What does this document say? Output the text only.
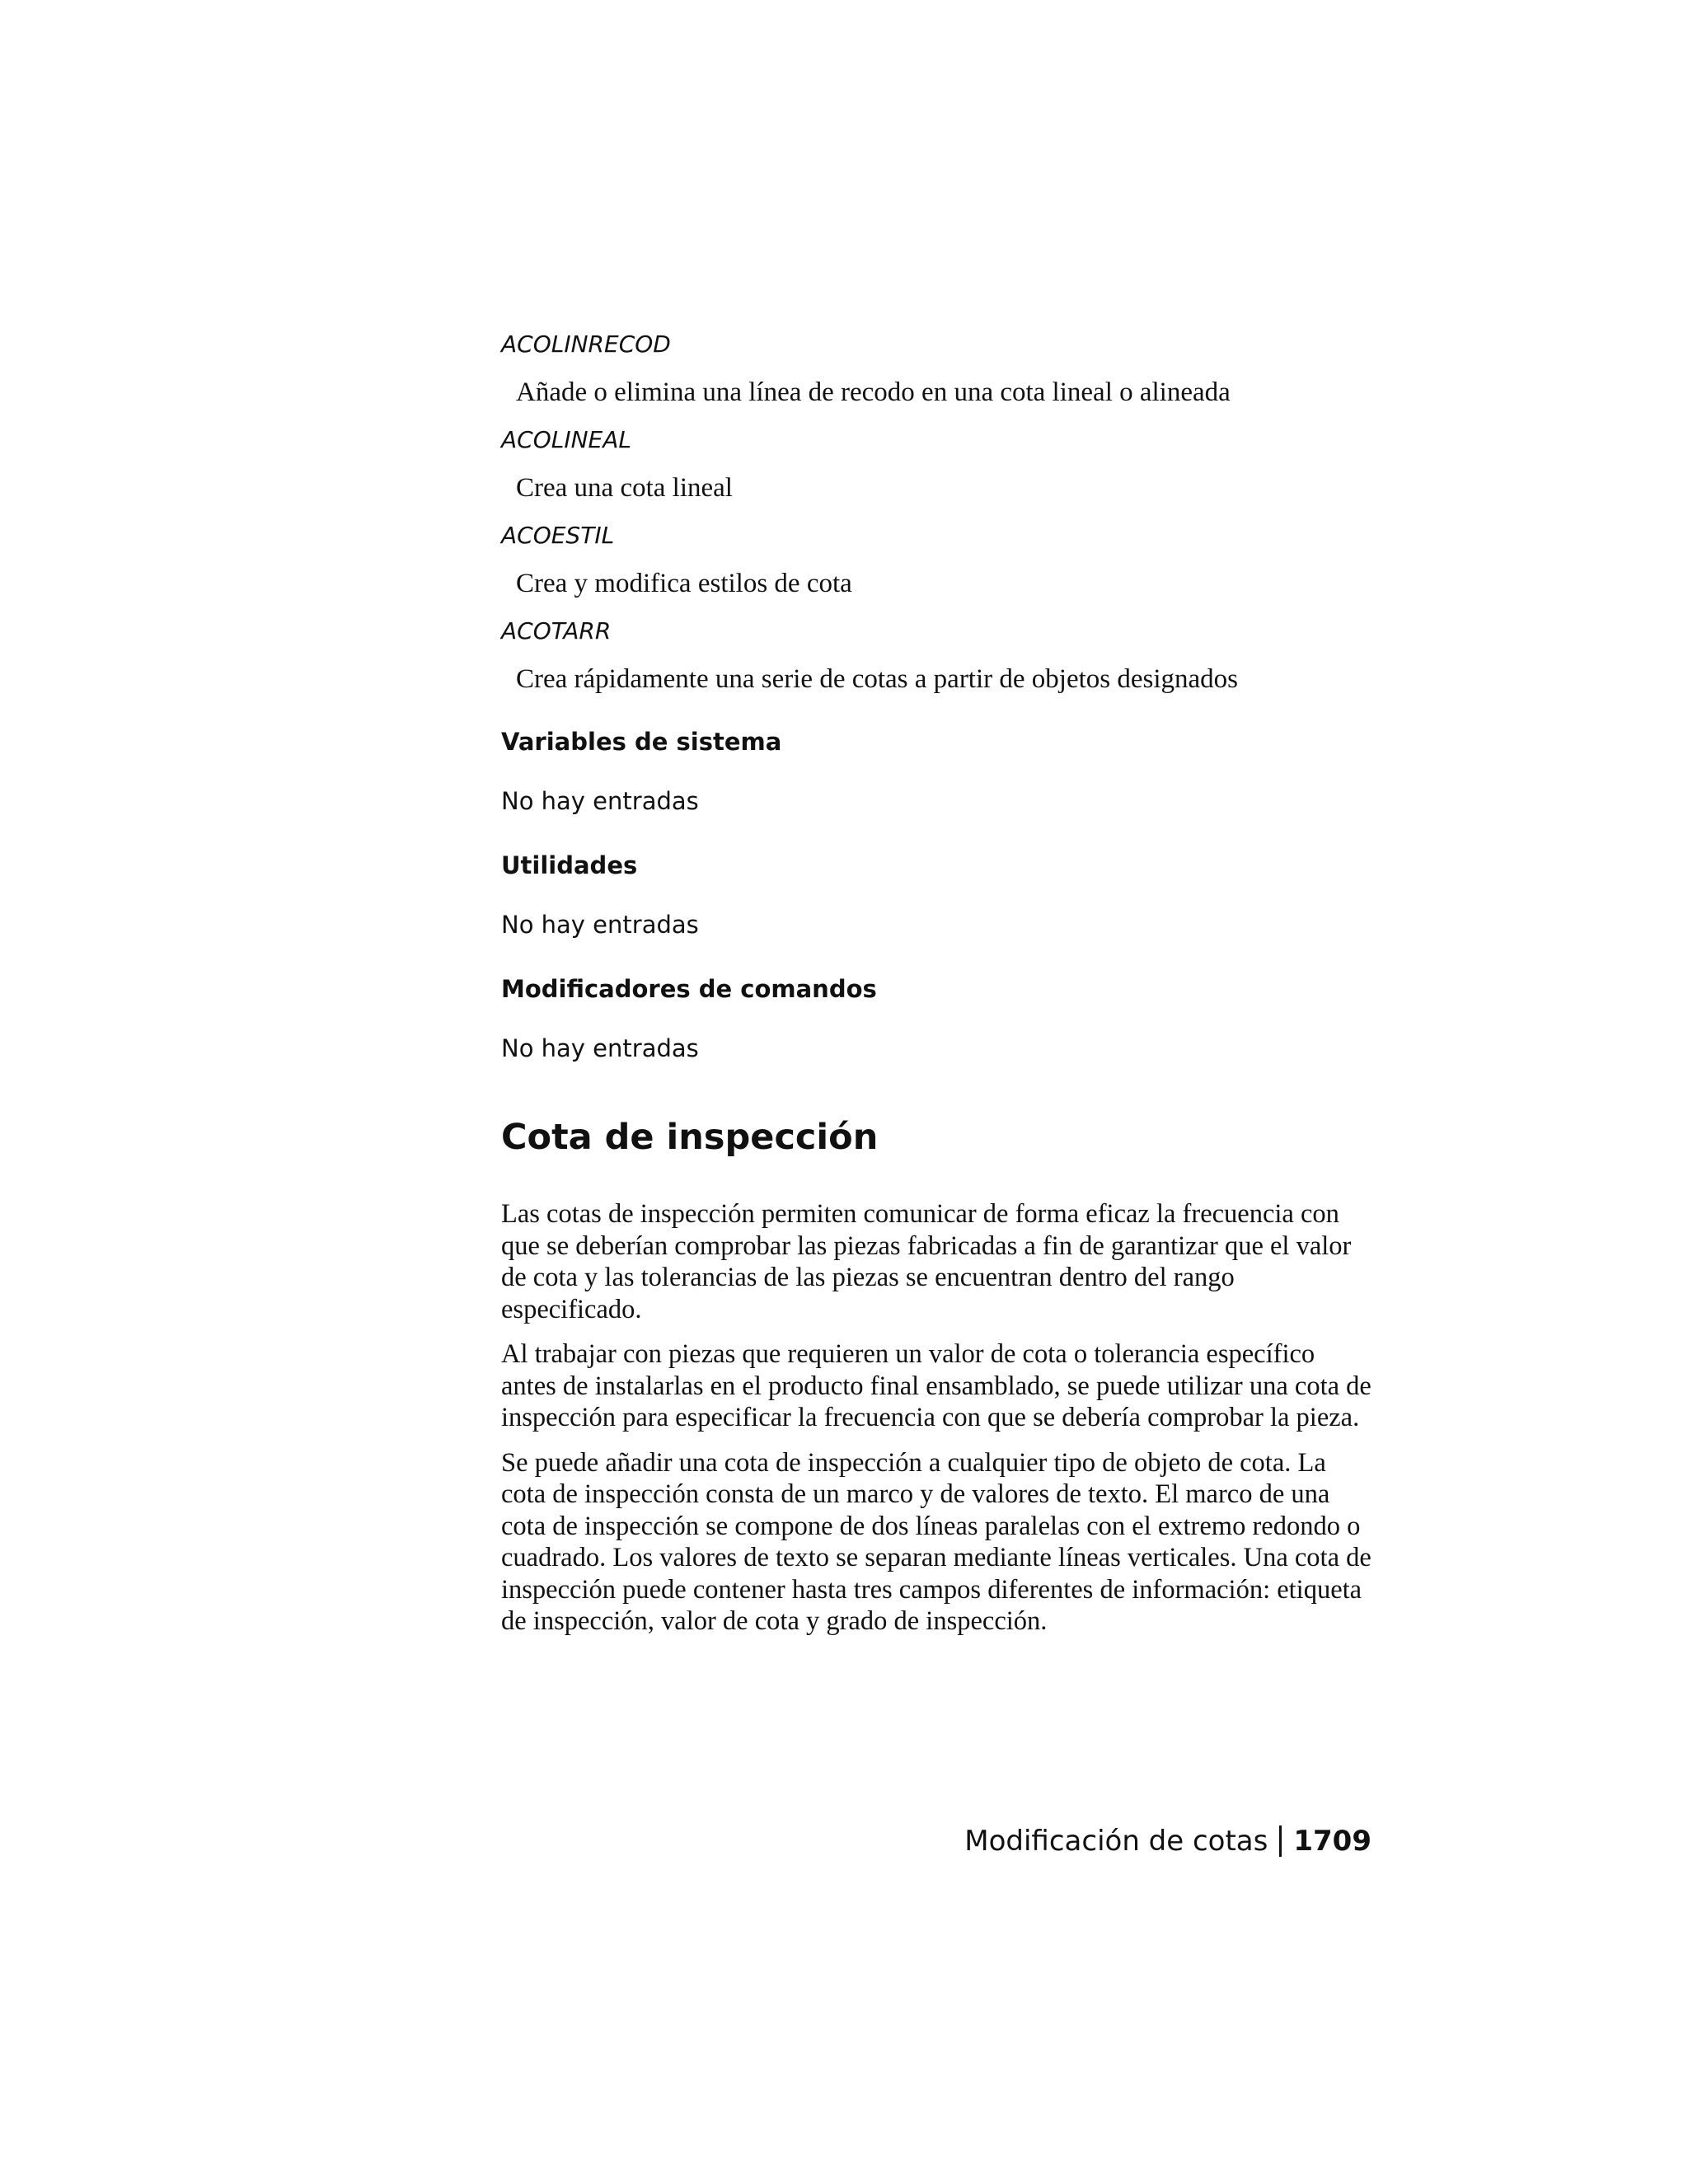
ACOLINRECOD
Añade o elimina una línea de recodo en una cota lineal o alineada
ACOLINEAL
Crea una cota lineal
ACOESTIL
Crea y modifica estilos de cota
ACOTARR
Crea rápidamente una serie de cotas a partir de objetos designados
Variables de sistema
No hay entradas
Utilidades
No hay entradas
Modificadores de comandos
No hay entradas
Cota de inspección

Las cotas de inspección permiten comunicar de forma eficaz la frecuencia con que se deberían comprobar las piezas fabricadas a fin de garantizar que el valor de cota y las tolerancias de las piezas se encuentran dentro del rango especificado.

Al trabajar con piezas que requieren un valor de cota o tolerancia específico antes de instalarlas en el producto final ensamblado, se puede utilizar una cota de inspección para especificar la frecuencia con que se debería comprobar la pieza.

Se puede añadir una cota de inspección a cualquier tipo de objeto de cota. La cota de inspección consta de un marco y de valores de texto. El marco de una cota de inspección se compone de dos líneas paralelas con el extremo redondo o cuadrado. Los valores de texto se separan mediante líneas verticales. Una cota de inspección puede contener hasta tres campos diferentes de información: etiqueta de inspección, valor de cota y grado de inspección.

Modificación de cotas 1709
